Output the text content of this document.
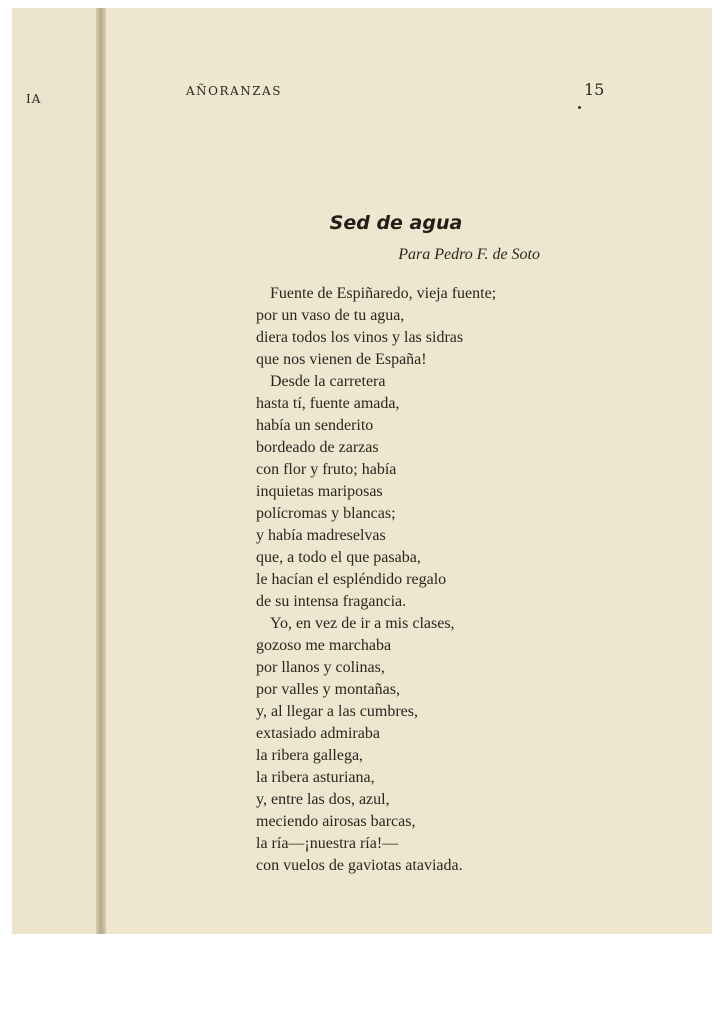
IA
AÑORANZAS	15
Sed de agua
Para Pedro F. de Soto
Fuente de Espiñaredo, vieja fuente;
por un vaso de tu agua,
diera todos los vinos y las sidras
que nos vienen de España!
Desde la carretera
hasta tí, fuente amada,
había un senderito
bordeado de zarzas
con flor y fruto; había
inquietas mariposas
polícromas y blancas;
y había madreselvas
que, a todo el que pasaba,
le hacían el espléndido regalo
de su intensa fragancia.
Yo, en vez de ir a mis clases,
gozoso me marchaba
por llanos y colinas,
por valles y montañas,
y, al llegar a las cumbres,
extasiado admiraba
la ribera gallega,
la ribera asturiana,
y, entre las dos, azul,
meciendo airosas barcas,
la ría—¡nuestra ría!—
con vuelos de gaviotas ataviada.
